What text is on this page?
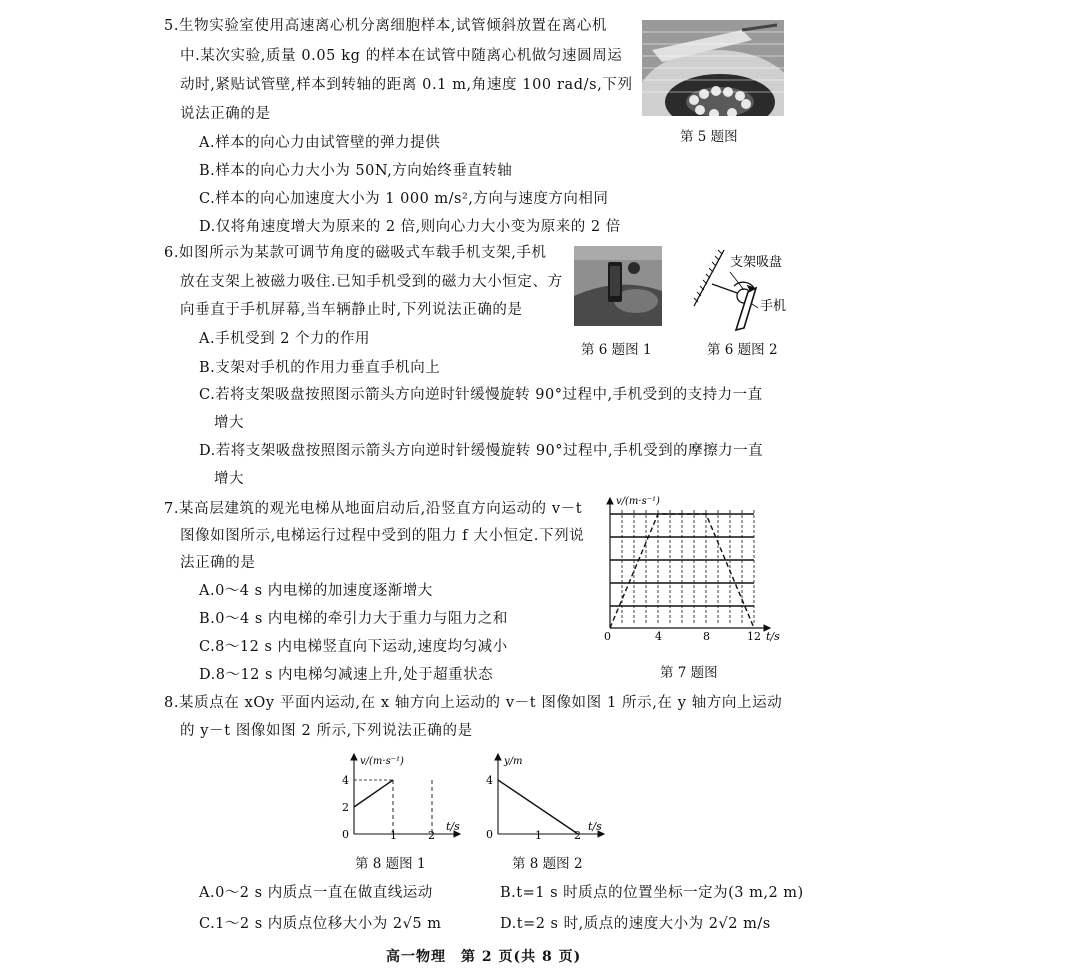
5.生物实验室使用高速离心机分离细胞样本,试管倾斜放置在离心机
中.某次实验,质量 0.05 kg 的样本在试管中随离心机做匀速圆周运
动时,紧贴试管壁,样本到转轴的距离 0.1 m,角速度 100 rad/s,下列
说法正确的是
A.样本的向心力由试管壁的弹力提供
B.样本的向心力大小为 50N,方向始终垂直转轴
C.样本的向心加速度大小为 1 000 m/s²,方向与速度方向相同
D.仅将角速度增大为原来的 2 倍,则向心力大小变为原来的 2 倍
第 5 题图
6.如图所示为某款可调节角度的磁吸式车载手机支架,手机
放在支架上被磁力吸住.已知手机受到的磁力大小恒定、方
向垂直于手机屏幕,当车辆静止时,下列说法正确的是
A.手机受到 2 个力的作用
B.支架对手机的作用力垂直手机向上
C.若将支架吸盘按照图示箭头方向逆时针缓慢旋转 90°过程中,手机受到的支持力一直
增大
D.若将支架吸盘按照图示箭头方向逆时针缓慢旋转 90°过程中,手机受到的摩擦力一直
增大
第 6 题图 1
支架吸盘
手机
第 6 题图 2
7.某高层建筑的观光电梯从地面启动后,沿竖直方向运动的 v－t
图像如图所示,电梯运行过程中受到的阻力 f 大小恒定.下列说
法正确的是
A.0～4 s 内电梯的加速度逐渐增大
B.0～4 s 内电梯的牵引力大于重力与阻力之和
C.8～12 s 内电梯竖直向下运动,速度均匀减小
D.8～12 s 内电梯匀减速上升,处于超重状态
v/(m·s⁻¹)
0	4	8	12 t/s
第 7 题图
8.某质点在 xOy 平面内运动,在 x 轴方向上运动的 v－t 图像如图 1 所示,在 y 轴方向上运动
的 y－t 图像如图 2 所示,下列说法正确的是
v/(m·s⁻¹)
4
2
0	1	2
t/s
第 8 题图 1
y/m
4
0	1	2
t/s
第 8 题图 2
A.0～2 s 内质点一直在做直线运动	B.t=1 s 时质点的位置坐标一定为(3 m,2 m)
C.1～2 s 内质点位移大小为 2√5 m	D.t=2 s 时,质点的速度大小为 2√2 m/s
高一物理　第 2 页(共 8 页)
